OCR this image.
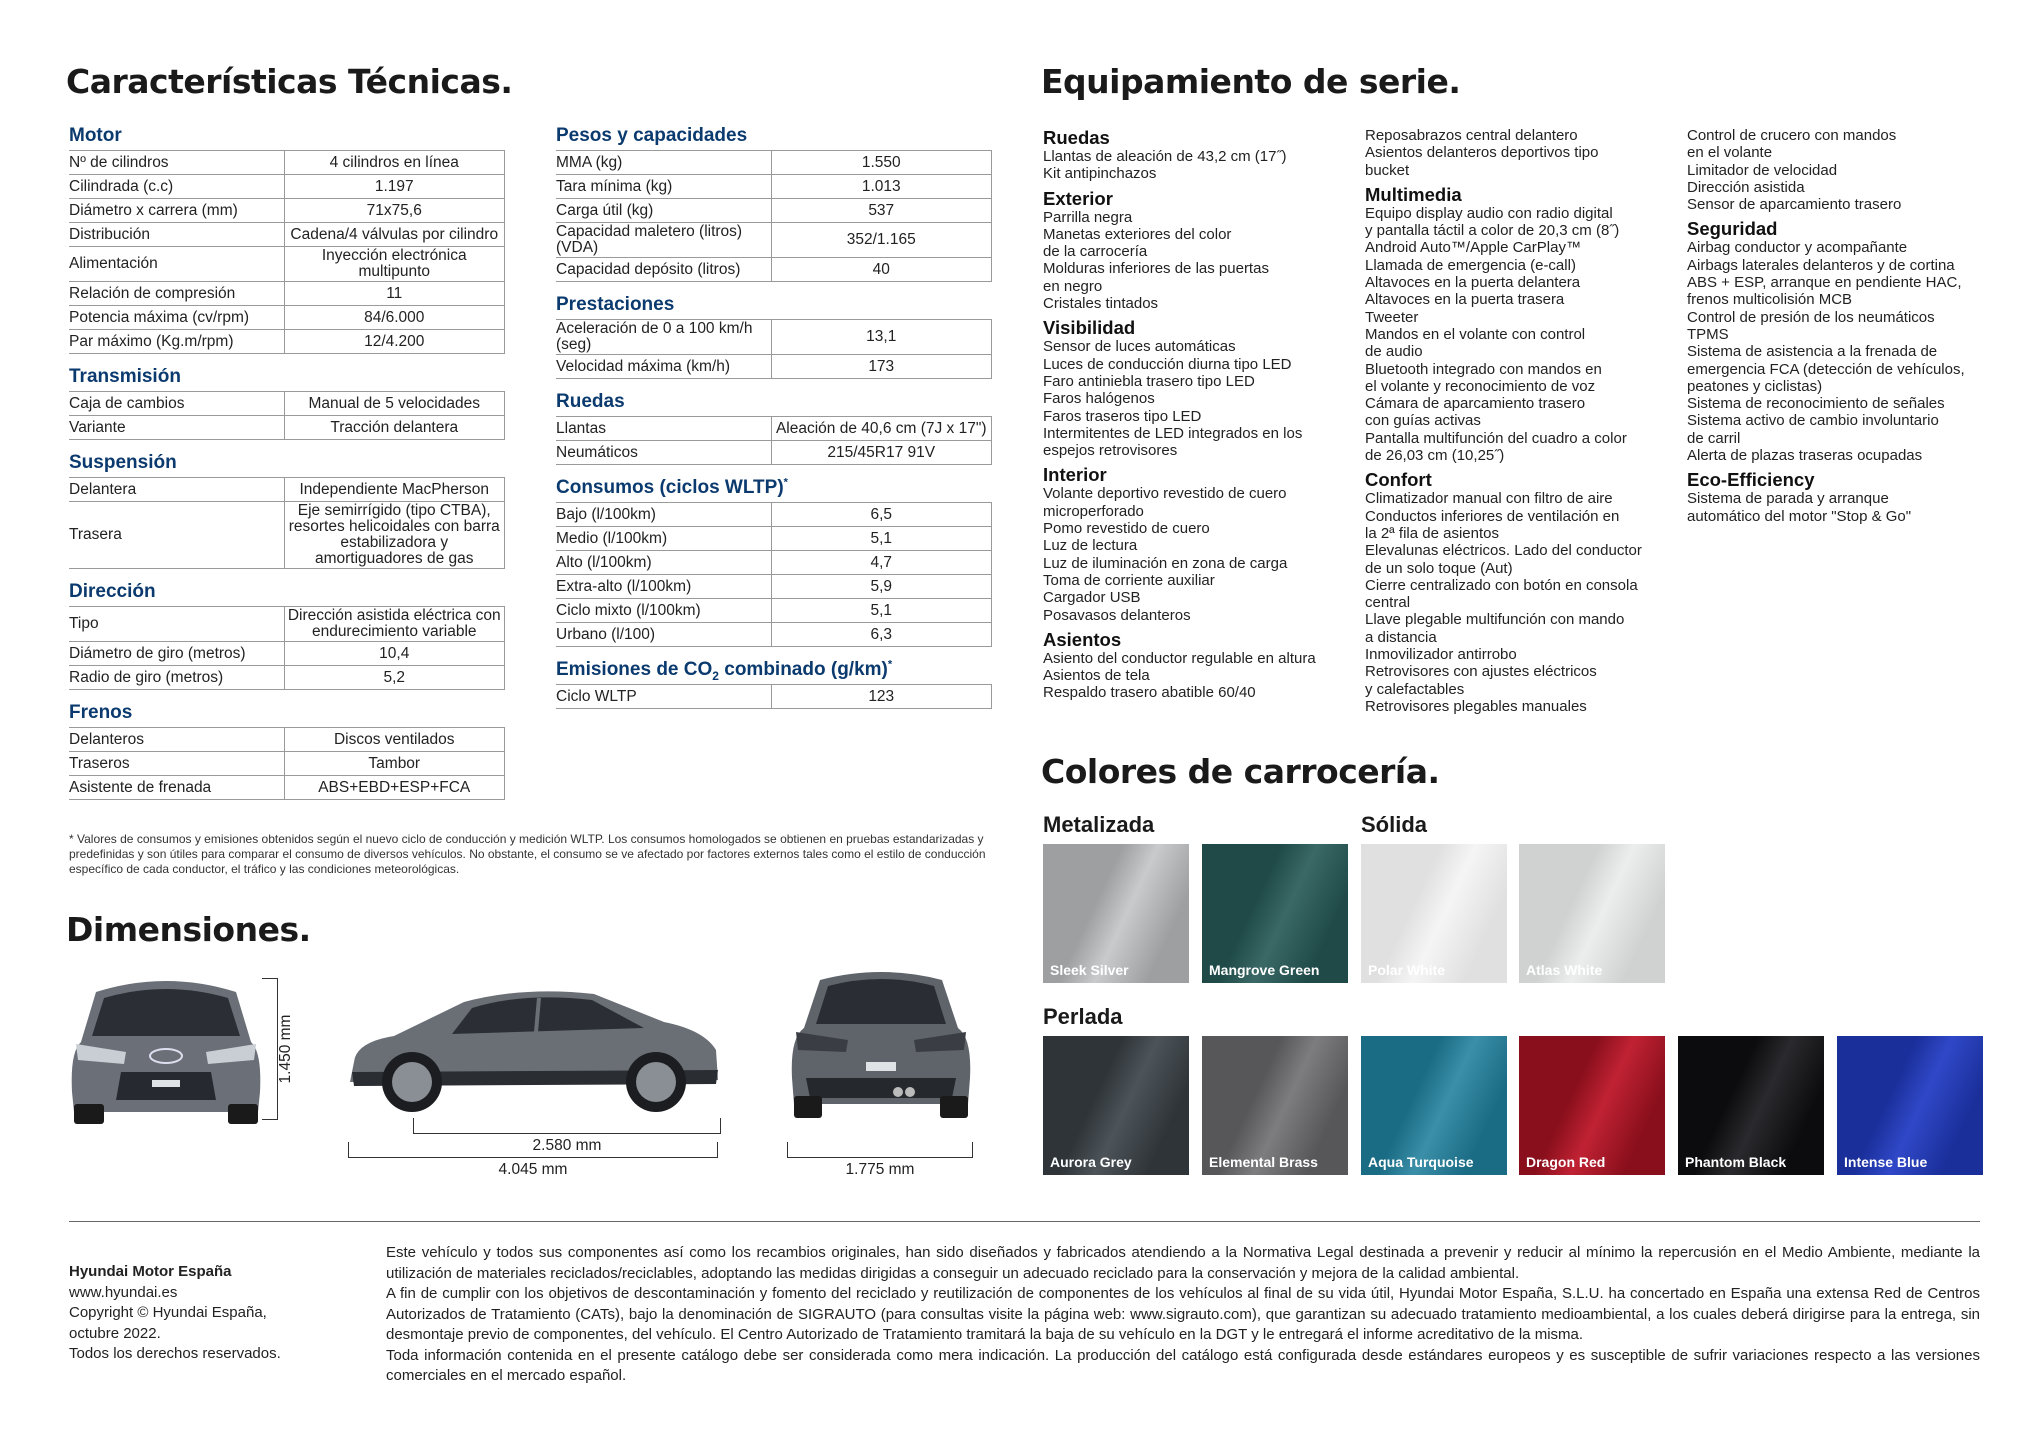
Características Técnicas.
Motor
Nº de cilindros	4 cilindros en línea
Cilindrada (c.c)	1.197
Diámetro x carrera (mm)	71x75,6
Distribución	Cadena/4 válvulas por cilindro
Alimentación	Inyección electrónica multipunto
Relación de compresión	11
Potencia máxima (cv/rpm)	84/6.000
Par máximo (Kg.m/rpm)	12/4.200
Transmisión
Caja de cambios	Manual de 5 velocidades
Variante	Tracción delantera
Suspensión
Delantera	Independiente MacPherson
Trasera	Eje semirrígido (tipo CTBA), resortes helicoidales con barra estabilizadora y amortiguadores de gas
Dirección
Tipo	Dirección asistida eléctrica con endurecimiento variable
Diámetro de giro (metros)	10,4
Radio de giro (metros)	5,2
Frenos
Delanteros	Discos ventilados
Traseros	Tambor
Asistente de frenada	ABS+EBD+ESP+FCA
Pesos y capacidades
MMA (kg)	1.550
Tara mínima (kg)	1.013
Carga útil (kg)	537
Capacidad maletero (litros) (VDA)	352/1.165
Capacidad depósito (litros)	40
Prestaciones
Aceleración de 0 a 100 km/h (seg)	13,1
Velocidad máxima (km/h)	173
Ruedas
Llantas	Aleación de 40,6 cm (7J x 17")
Neumáticos	215/45R17 91V
Consumos (ciclos WLTP)*
Bajo (l/100km)	6,5
Medio (l/100km)	5,1
Alto (l/100km)	4,7
Extra-alto (l/100km)	5,9
Ciclo mixto (l/100km)	5,1
Urbano (l/100)	6,3
Emisiones de $CO_2$ combinado (g/km)*
Ciclo WLTP	123
* Valores de consumos y emisiones obtenidos según el nuevo ciclo de conducción y medición WLTP. Los consumos homologados se obtienen en pruebas estandarizadas y predefinidas y son útiles para comparar el consumo de diversos vehículos. No obstante, el consumo se ve afectado por factores externos tales como el estilo de conducción específico de cada conductor, el tráfico y las condiciones meteorológicas.
Dimensiones.
1.450 mm
2.580 mm
4.045 mm	1.775 mm
Equipamiento de serie.
Ruedas
Llantas de aleación de 43,2 cm (17˝)
Kit antipinchazos
Exterior
Parrilla negra
Manetas exteriores del color
de la carrocería
Molduras inferiores de las puertas
en negro
Cristales tintados
Visibilidad
Sensor de luces automáticas
Luces de conducción diurna tipo LED
Faro antiniebla trasero tipo LED
Faros halógenos
Faros traseros tipo LED
Intermitentes de LED integrados en los
espejos retrovisores
Interior
Volante deportivo revestido de cuero
microperforado
Pomo revestido de cuero
Luz de lectura
Luz de iluminación en zona de carga
Toma de corriente auxiliar
Cargador USB
Posavasos delanteros
Asientos
Asiento del conductor regulable en altura
Asientos de tela
Respaldo trasero abatible 60/40
Reposabrazos central delantero
Asientos delanteros deportivos tipo
bucket
Multimedia
Equipo display audio con radio digital
y pantalla táctil a color de 20,3 cm (8˝)
Android Auto™/Apple CarPlay™
Llamada de emergencia (e-call)
Altavoces en la puerta delantera
Altavoces en la puerta trasera
Tweeter
Mandos en el volante con control
de audio
Bluetooth integrado con mandos en
el volante y reconocimiento de voz
Cámara de aparcamiento trasero
con guías activas
Pantalla multifunción del cuadro a color
de 26,03 cm (10,25˝)
Confort
Climatizador manual con filtro de aire
Conductos inferiores de ventilación en
la 2ª fila de asientos
Elevalunas eléctricos. Lado del conductor
de un solo toque (Aut)
Cierre centralizado con botón en consola
central
Llave plegable multifunción con mando
a distancia
Inmovilizador antirrobo
Retrovisores con ajustes eléctricos
y calefactables
Retrovisores plegables manuales
Control de crucero con mandos
en el volante
Limitador de velocidad
Dirección asistida
Sensor de aparcamiento trasero
Seguridad
Airbag conductor y acompañante
Airbags laterales delanteros y de cortina
ABS + ESP, arranque en pendiente HAC,
frenos multicolisión MCB
Control de presión de los neumáticos
TPMS
Sistema de asistencia a la frenada de
emergencia FCA (detección de vehículos,
peatones y ciclistas)
Sistema de reconocimiento de señales
Sistema activo de cambio involuntario
de carril
Alerta de plazas traseras ocupadas
Eco-Efficiency
Sistema de parada y arranque
automático del motor "Stop & Go"
Colores de carrocería.
Metalizada	Sólida
Perlada
Sleek Silver	Mangrove Green	Polar White	Atlas White
Aurora Grey	Elemental Brass	Aqua Turquoise	Dragon Red	Phantom Black	Intense Blue
Hyundai Motor España
www.hyundai.es
Copyright © Hyundai España,
octubre 2022.
Todos los derechos reservados.

Este vehículo y todos sus componentes así como los recambios originales, han sido diseñados y fabricados atendiendo a la Normativa Legal destinada a prevenir y reducir al mínimo la repercusión en el Medio Ambiente, mediante la utilización de materiales reciclados/reciclables, adoptando las medidas dirigidas a conseguir un adecuado reciclado para la conservación y mejora de la calidad ambiental.

A fin de cumplir con los objetivos de descontaminación y fomento del reciclado y reutilización de componentes de los vehículos al final de su vida útil, Hyundai Motor España, S.L.U. ha concertado en España una extensa Red de Centros Autorizados de Tratamiento (CATs), bajo la denominación de SIGRAUTO (para consultas visite la página web: www.sigrauto.com), que garantizan su adecuado tratamiento medioambiental, a los cuales deberá dirigirse para la entrega, sin desmontaje previo de componentes, del vehículo. El Centro Autorizado de Tratamiento tramitará la baja de su vehículo en la DGT y le entregará el informe acreditativo de la misma.

Toda información contenida en el presente catálogo debe ser considerada como mera indicación. La producción del catálogo está configurada desde estándares europeos y es susceptible de sufrir variaciones respecto a las versiones comerciales en el mercado español.
